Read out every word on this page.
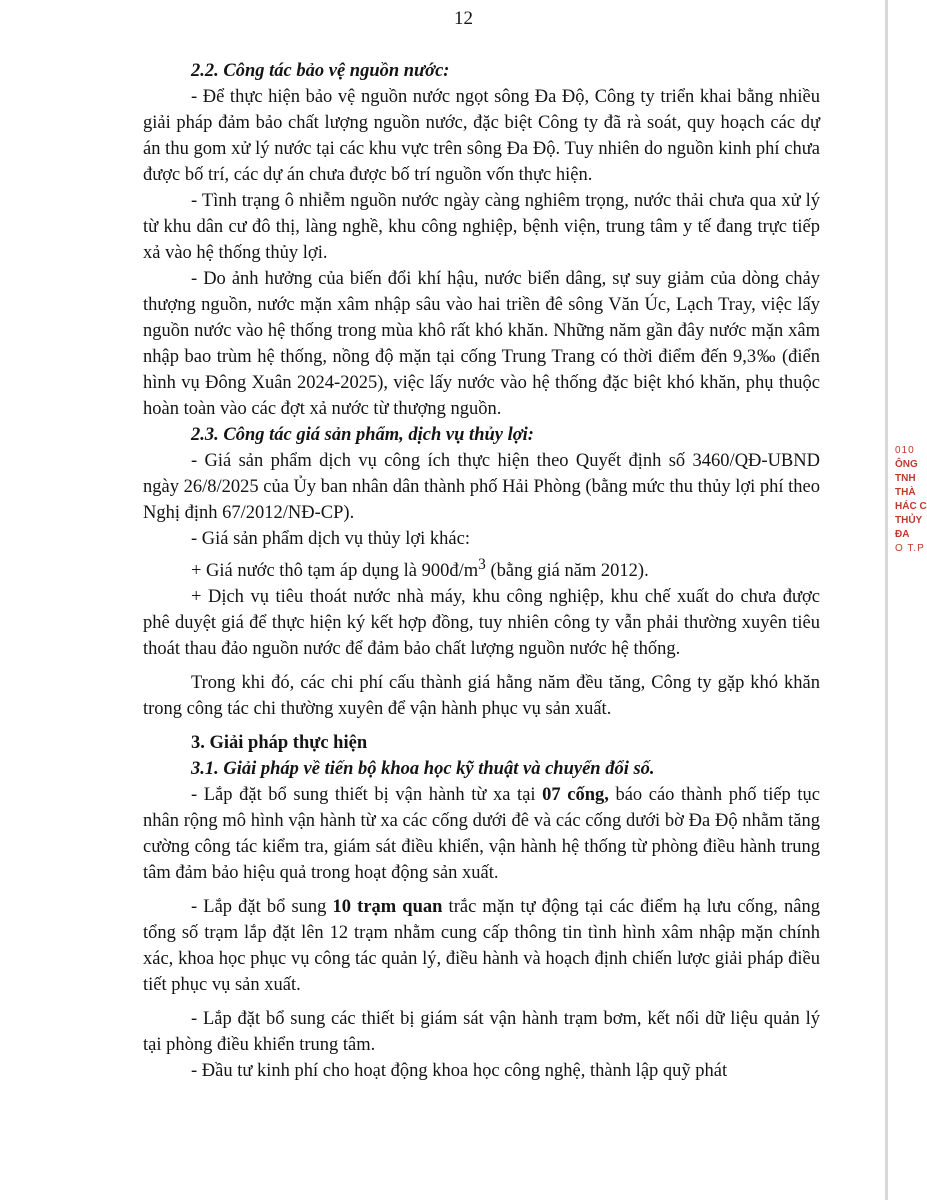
12

2.2. Công tác bảo vệ nguồn nước:

- Để thực hiện bảo vệ nguồn nước ngọt sông Đa Độ, Công ty triển khai bằng nhiều giải pháp đảm bảo chất lượng nguồn nước, đặc biệt Công ty đã rà soát, quy hoạch các dự án thu gom xử lý nước tại các khu vực trên sông Đa Độ. Tuy nhiên do nguồn kinh phí chưa được bố trí, các dự án chưa được bố trí nguồn vốn thực hiện.

- Tình trạng ô nhiễm nguồn nước ngày càng nghiêm trọng, nước thải chưa qua xử lý từ khu dân cư đô thị, làng nghề, khu công nghiệp, bệnh viện, trung tâm y tế đang trực tiếp xả vào hệ thống thủy lợi.

- Do ảnh hưởng của biến đổi khí hậu, nước biển dâng, sự suy giảm của dòng chảy thượng nguồn, nước mặn xâm nhập sâu vào hai triền đê sông Văn Úc, Lạch Tray, việc lấy nguồn nước vào hệ thống trong mùa khô rất khó khăn. Những năm gần đây nước mặn xâm nhập bao trùm hệ thống, nồng độ mặn tại cống Trung Trang có thời điểm đến 9,3‰ (điển hình vụ Đông Xuân 2024-2025), việc lấy nước vào hệ thống đặc biệt khó khăn, phụ thuộc hoàn toàn vào các đợt xả nước từ thượng nguồn.

2.3. Công tác giá sản phẩm, dịch vụ thủy lợi:

- Giá sản phẩm dịch vụ công ích thực hiện theo Quyết định số 3460/QĐ-UBND ngày 26/8/2025 của Ủy ban nhân dân thành phố Hải Phòng (bằng mức thu thủy lợi phí theo Nghị định 67/2012/NĐ-CP).

- Giá sản phẩm dịch vụ thủy lợi khác:

+ Giá nước thô tạm áp dụng là $900đ/m^3$ (bằng giá năm 2012).

+ Dịch vụ tiêu thoát nước nhà máy, khu công nghiệp, khu chế xuất do chưa được phê duyệt giá để thực hiện ký kết hợp đồng, tuy nhiên công ty vẫn phải thường xuyên tiêu thoát thau đảo nguồn nước để đảm bảo chất lượng nguồn nước hệ thống.

Trong khi đó, các chi phí cấu thành giá hằng năm đều tăng, Công ty gặp khó khăn trong công tác chi thường xuyên để vận hành phục vụ sản xuất.

3. Giải pháp thực hiện

3.1. Giải pháp về tiến bộ khoa học kỹ thuật và chuyển đổi số.

- Lắp đặt bổ sung thiết bị vận hành từ xa tại 07 cống, báo cáo thành phố tiếp tục nhân rộng mô hình vận hành từ xa các cống dưới đê và các cống dưới bờ Đa Độ nhằm tăng cường công tác kiểm tra, giám sát điều khiển, vận hành hệ thống từ phòng điều hành trung tâm đảm bảo hiệu quả trong hoạt động sản xuất.

- Lắp đặt bổ sung 10 trạm quan trắc mặn tự động tại các điểm hạ lưu cống, nâng tổng số trạm lắp đặt lên 12 trạm nhằm cung cấp thông tin tình hình xâm nhập mặn chính xác, khoa học phục vụ công tác quản lý, điều hành và hoạch định chiến lược giải pháp điều tiết phục vụ sản xuất.

- Lắp đặt bổ sung các thiết bị giám sát vận hành trạm bơm, kết nối dữ liệu quản lý tại phòng điều khiển trung tâm.

- Đầu tư kinh phí cho hoạt động khoa học công nghệ, thành lập quỹ phát

010
ÔNG
TNH
THÀ
HÁC C
THỦY
ĐA
O T.P
